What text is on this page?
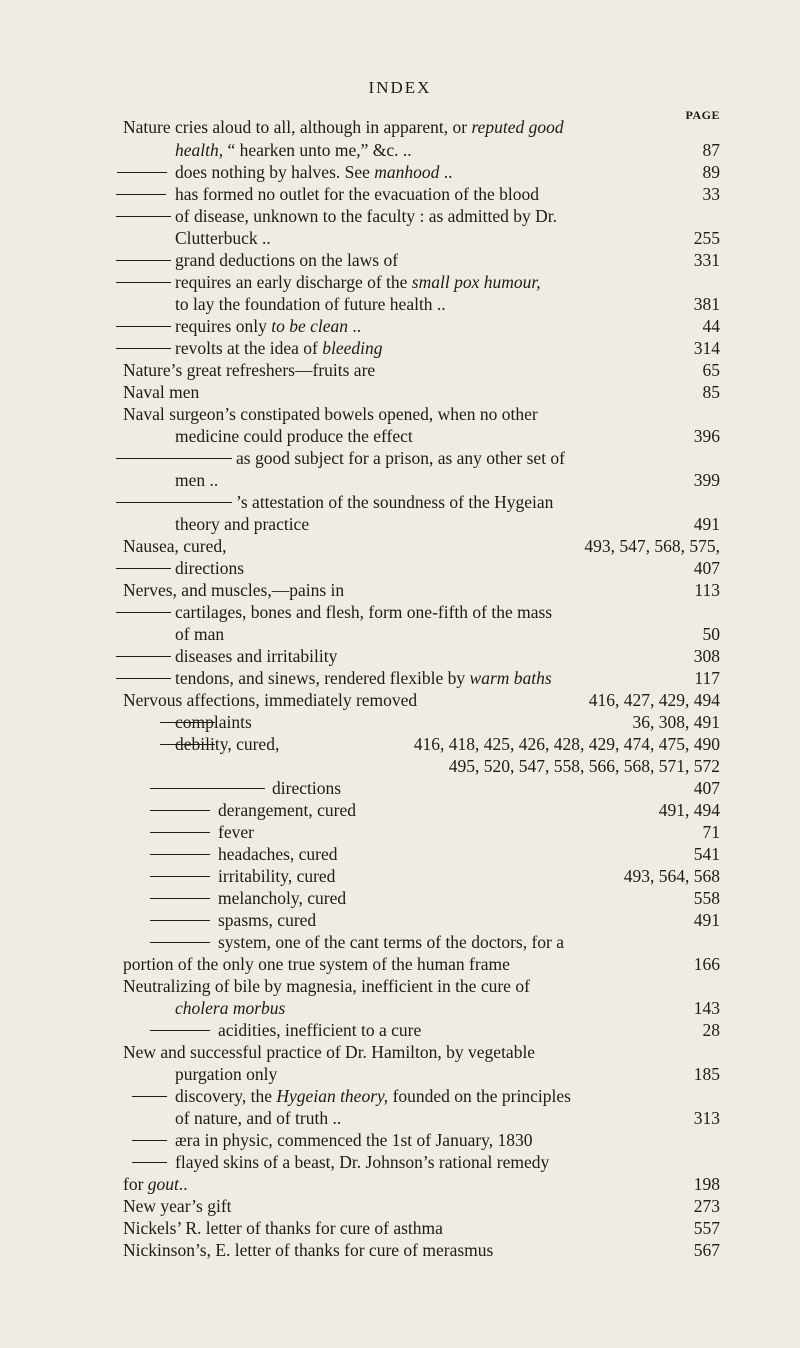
INDEX
PAGE
Nature cries aloud to all, although in apparent, or reputed good
health, “ hearken unto me,” &c. ..	87
does nothing by halves. See manhood ..	89
has formed no outlet for the evacuation of the blood	33
of disease, unknown to the faculty : as admitted by Dr.
Clutterbuck ..	255
grand deductions on the laws of	331
requires an early discharge of the small pox humour,
to lay the foundation of future health ..	381
requires only to be clean ..	44
revolts at the idea of bleeding	314
Nature’s great refreshers—fruits are	65
Naval men	85
Naval surgeon’s constipated bowels opened, when no other
medicine could produce the effect	396
as good subject for a prison, as any other set of
men ..	399
’s attestation of the soundness of the Hygeian
theory and practice	491
Nausea, cured,	493, 547, 568, 575,
directions	407
Nerves, and muscles,—pains in	113
cartilages, bones and flesh, form one-fifth of the mass
of man	50
diseases and irritability	308
tendons, and sinews, rendered flexible by warm baths	117
Nervous affections, immediately removed	416, 427, 429, 494
complaints	36, 308, 491
debility, cured,	416, 418, 425, 426, 428, 429, 474, 475, 490
495, 520, 547, 558, 566, 568, 571, 572
directions	407
derangement, cured	491, 494
fever	71
headaches, cured	541
irritability, cured	493, 564, 568
melancholy, cured	558
spasms, cured	491
system, one of the cant terms of the doctors, for a
portion of the only one true system of the human frame	166
Neutralizing of bile by magnesia, inefficient in the cure of
cholera morbus	143
acidities, inefficient to a cure	28
New and successful practice of Dr. Hamilton, by vegetable
purgation only	185
discovery, the Hygeian theory, founded on the principles
of nature, and of truth ..	313
æra in physic, commenced the 1st of January, 1830
flayed skins of a beast, Dr. Johnson’s rational remedy
for gout..	198
New year’s gift	273
Nickels’ R. letter of thanks for cure of asthma	557
Nickinson’s, E. letter of thanks for cure of merasmus	567
